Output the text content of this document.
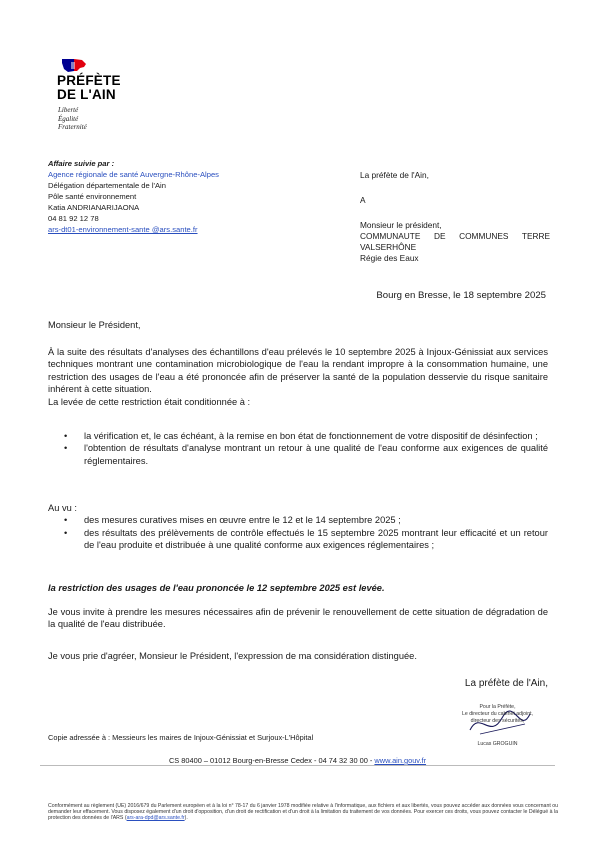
PRÉFÈTE
DE L'AIN
Liberté
Égalité
Fraternité
Affaire suivie par :
Agence régionale de santé Auvergne-Rhône-Alpes
Délégation départementale de l'Ain
Pôle santé environnement
Katia ANDRIANARIJAONA
04 81 92 12 78
ars-dt01-environnement-sante @ars.sante.fr
La préfète de l'Ain,
A
Monsieur le président,
COMMUNAUTE DE COMMUNES TERRE
VALSERHÔNE
Régie des Eaux
Bourg en Bresse, le 18 septembre 2025
Monsieur le Président,
À la suite des résultats d'analyses des échantillons d'eau prélevés le 10 septembre 2025 à Injoux-Génissiat aux services techniques montrant une contamination microbiologique de l'eau la rendant impropre à la consommation humaine, une restriction des usages de l'eau a été prononcée afin de préserver la santé de la population desservie du risque sanitaire inhérent à cette situation.
La levée de cette restriction était conditionnée à :
• la vérification et, le cas échéant, à la remise en bon état de fonctionnement de votre dispositif de désinfection ;
• l'obtention de résultats d'analyse montrant un retour à une qualité de l'eau conforme aux exigences de qualité réglementaires.
Au vu :
• des mesures curatives mises en œuvre entre le 12 et le 14 septembre 2025 ;
• des résultats des prélèvements de contrôle effectués le 15 septembre 2025 montrant leur efficacité et un retour de l'eau produite et distribuée à une qualité conforme aux exigences réglementaires ;
la restriction des usages de l'eau prononcée le 12 septembre 2025 est levée.
Je vous invite à prendre les mesures nécessaires afin de prévenir le renouvellement de cette situation de dégradation de la qualité de l'eau distribuée.
Je vous prie d'agréer, Monsieur le Président, l'expression de ma considération distinguée.
La préfète de l'Ain,
Pour la Préfète,
Le directeur du cabinet adjoint,
directeur des sécurités,
Lucas GROGUIN
Copie adressée à : Messieurs les maires de Injoux-Génissiat et Surjoux-L'Hôpital
CS 80400 – 01012 Bourg-en-Bresse Cedex - 04 74 32 30 00 - www.ain.gouv.fr
Conformément au règlement (UE) 2016/679 du Parlement européen et à la loi n° 78-17 du 6 janvier 1978 modifiée relative à l'informatique, aux fichiers et aux libertés, vous pouvez accéder aux données vous concernant ou demander leur effacement. Vous disposez également d'un droit d'opposition, d'un droit de rectification et d'un droit à la limitation du traitement de vos données. Pour exercer ces droits, vous pouvez contacter le Délégué à la protection des données de l'ARS (ars-ara-dpd@ars.sante.fr).
